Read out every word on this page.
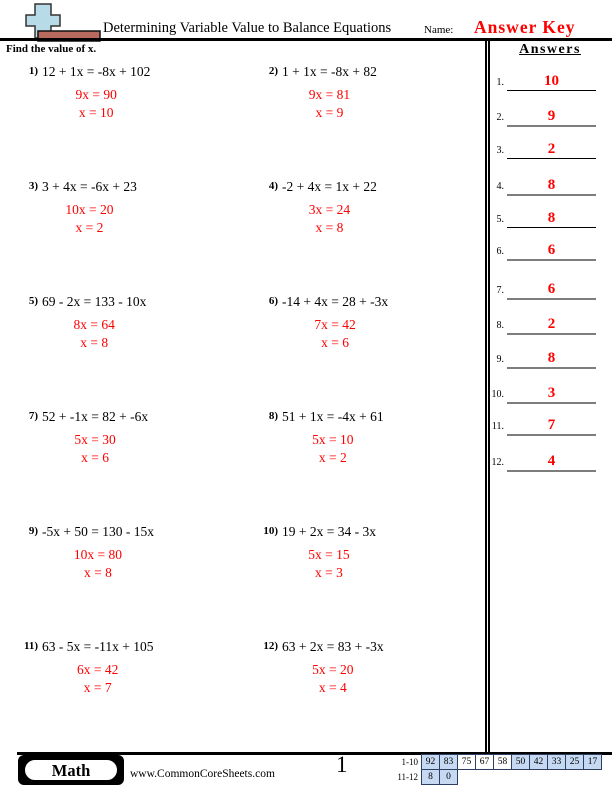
Determining Variable Value to Balance Equations	Name: Answer Key
Find the value of x.	Answers
1.	10
2.	9
3.	2
4.	8
5.	8
6.	6
7.	6
8.	2
9.	8
10.	3
11.	7
12.	4
1) 12 + 1x = -8x + 102
9x = 90
x = 10
2) 1 + 1x = -8x + 82
9x = 81
x = 9
3) 3 + 4x = -6x + 23
10x = 20
x = 2
4) -2 + 4x = 1x + 22
3x = 24
x = 8
5) 69 - 2x = 133 - 10x
8x = 64
x = 8
6) -14 + 4x = 28 + -3x
7x = 42
x = 6
7) 52 + -1x = 82 + -6x
5x = 30
x = 6
8) 51 + 1x = -4x + 61
5x = 10
x = 2
9) -5x + 50 = 130 - 15x
10x = 80
x = 8
10) 19 + 2x = 34 - 3x
5x = 15
x = 3
11) 63 - 5x = -11x + 105
6x = 42
x = 7
12) 63 + 2x = 83 + -3x
5x = 20
x = 4
Math	www.CommonCoreSheets.com	1	1-10 92 83 75 67 58 50 42 33 25 17
11-12	8	0
